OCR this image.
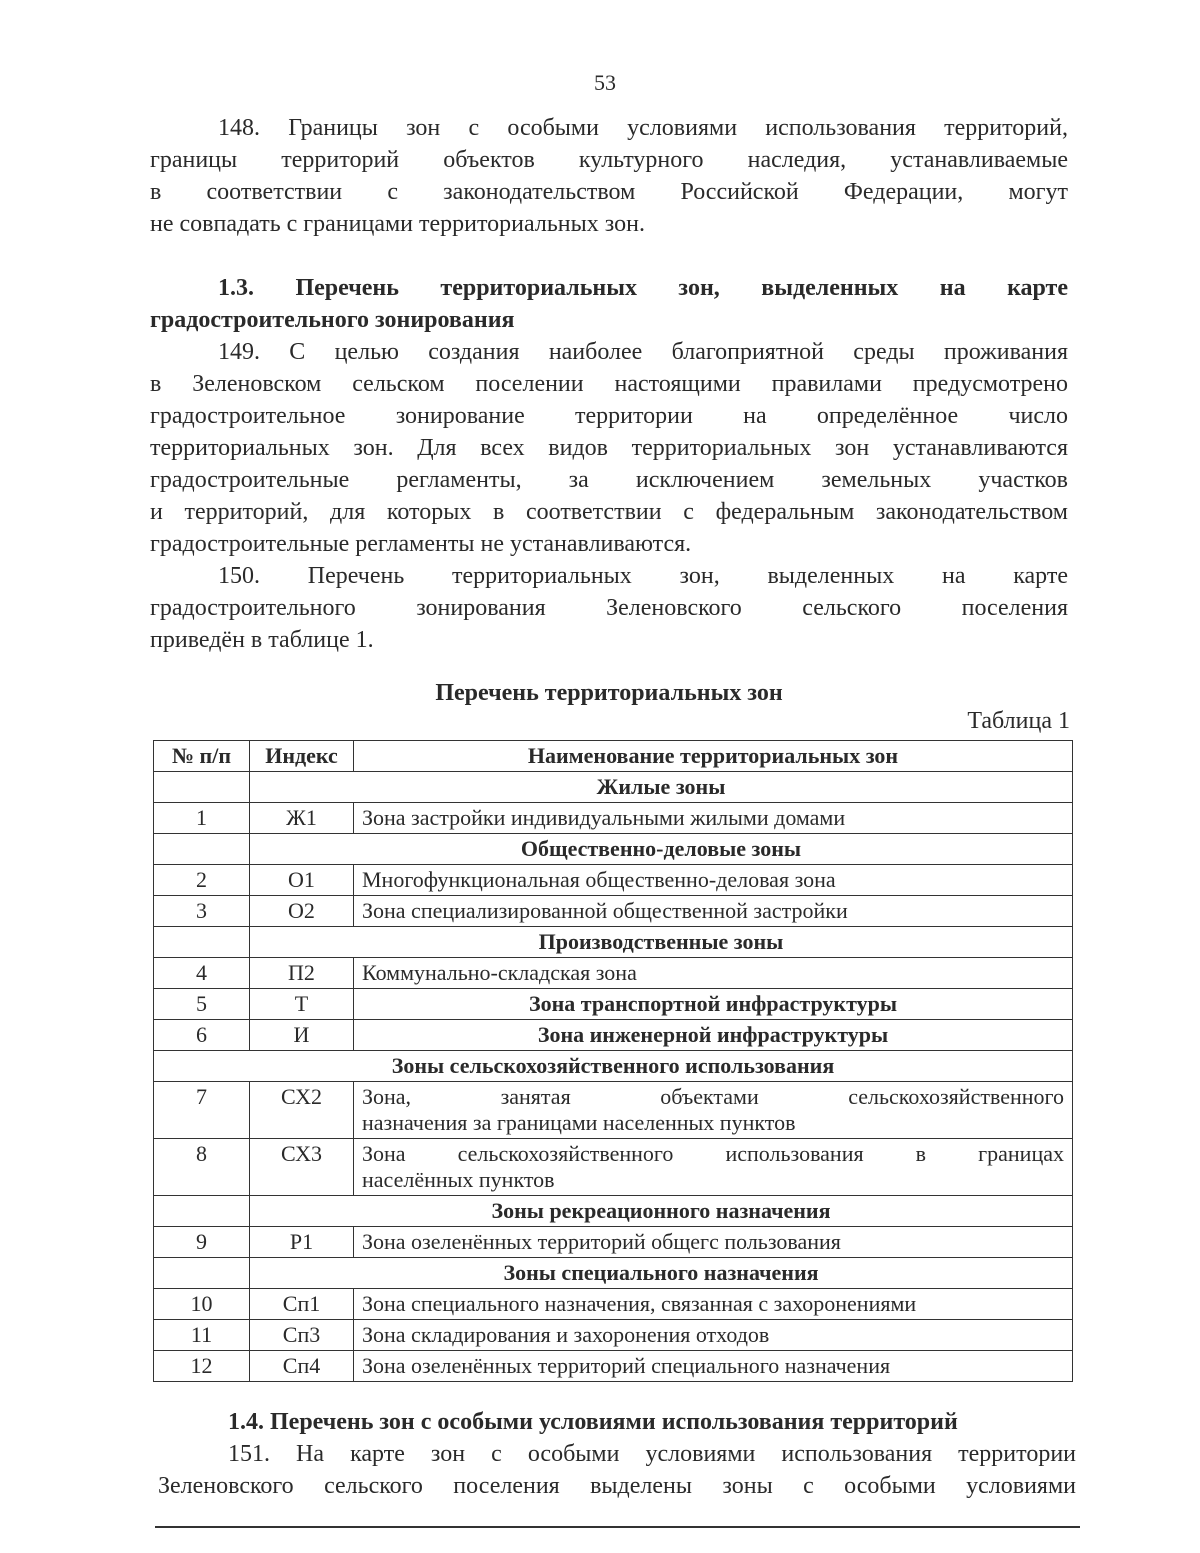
53
148. Границы зон с особыми условиями использования территорий,
границы территорий объектов культурного наследия, устанавливаемые
в соответствии с законодательством Российской Федерации, могут
не совпадать с границами территориальных зон.
1.3. Перечень территориальных зон, выделенных на карте
градостроительного зонирования
149. С целью создания наиболее благоприятной среды проживания
в Зеленовском сельском поселении настоящими правилами предусмотрено
градостроительное зонирование территории на определённое число
территориальных зон. Для всех видов территориальных зон устанавливаются
градостроительные регламенты, за исключением земельных участков
и территорий, для которых в соответствии с федеральным законодательством
градостроительные регламенты не устанавливаются.
150. Перечень территориальных зон, выделенных на карте
градостроительного зонирования Зеленовского сельского поселения
приведён в таблице 1.
Перечень территориальных зон
Таблица 1
№ п/п	Индекс	Наименование территориальных зон
	Жилые зоны	
1	Ж1	Зона застройки индивидуальными жилыми домами
	Общественно-деловые зоны	
2	О1	Многофункциональная общественно-деловая зона
3	О2	Зона специализированной общественной застройки
	Производственные зоны	
4	П2	Коммунально-складская зона
5	Т	Зона транспортной инфраструктуры
6	И	Зона инженерной инфраструктуры
Зоны сельскохозяйственного использования		
7	СХ2	Зона, занятая объектами сельскохозяйственного
назначения за границами населенных пунктов

8	СХ3	Зона сельскохозяйственного использования в границах
населённых пунктов

	Зоны рекреационного назначения	
9	Р1	Зона озеленённых территорий общегс пользования
	Зоны специального назначения	
10	Сп1	Зона специального назначения, связанная с захоронениями
11	Сп3	Зона складирования и захоронения отходов
12	Сп4	Зона озеленённых территорий специального назначения
1.4. Перечень зон с особыми условиями использования территорий
151. На карте зон с особыми условиями использования территории
Зеленовского сельского поселения выделены зоны с особыми условиями
